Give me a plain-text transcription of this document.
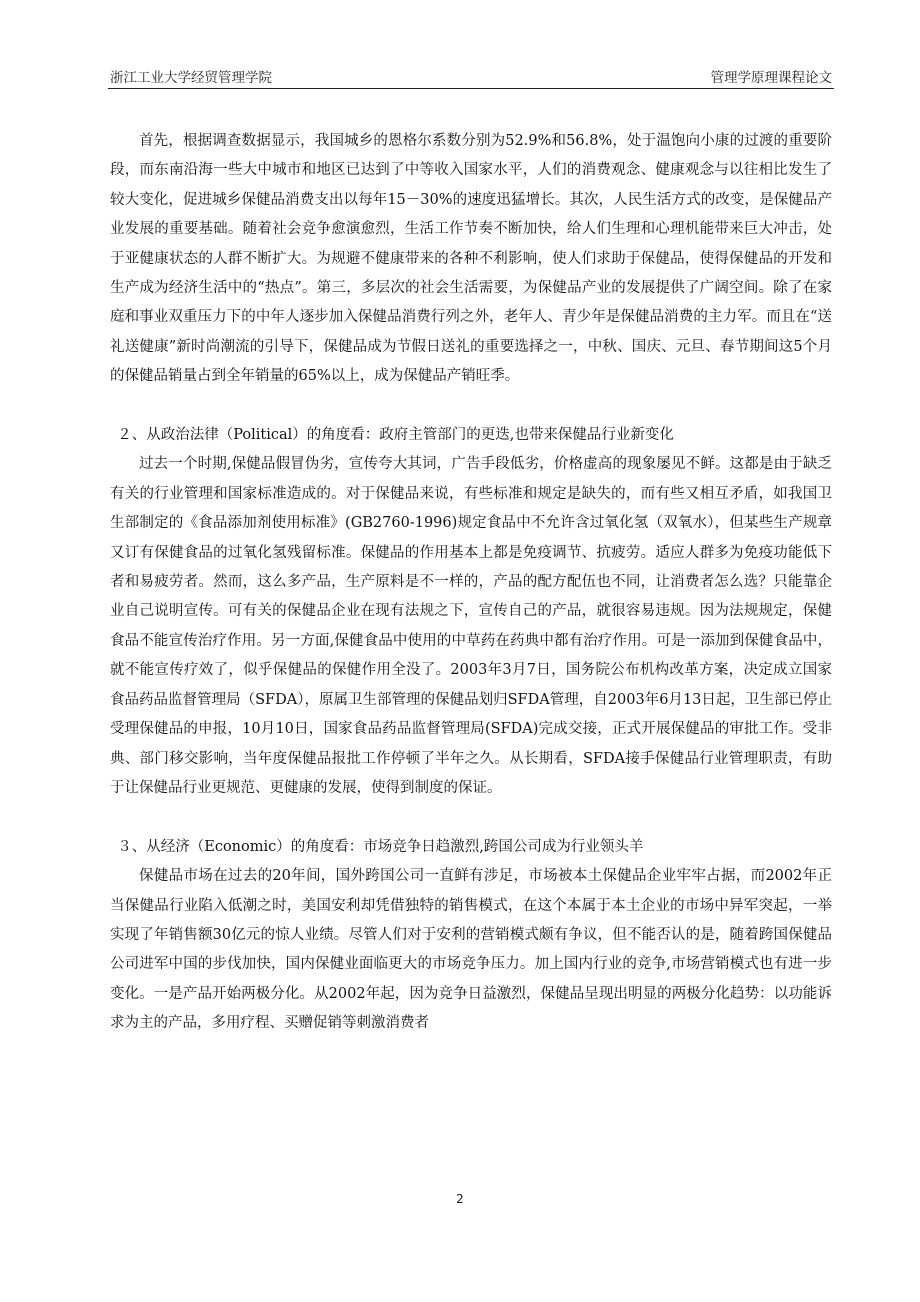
浙江工业大学经贸管理学院	管理学原理课程论文

首先，根据调查数据显示，我国城乡的恩格尔系数分别为52.9%和56.8%，处于温饱向小康的过渡的重要阶段，而东南沿海一些大中城市和地区已达到了中等收入国家水平，人们的消费观念、健康观念与以往相比发生了较大变化，促进城乡保健品消费支出以每年15－30%的速度迅猛增长。其次，人民生活方式的改变，是保健品产业发展的重要基础。随着社会竞争愈演愈烈，生活工作节奏不断加快，给人们生理和心理机能带来巨大冲击，处于亚健康状态的人群不断扩大。为规避不健康带来的各种不利影响，使人们求助于保健品，使得保健品的开发和生产成为经济生活中的“热点”。第三，多层次的社会生活需要，为保健品产业的发展提供了广阔空间。除了在家庭和事业双重压力下的中年人逐步加入保健品消费行列之外，老年人、青少年是保健品消费的主力军。而且在“送礼送健康”新时尚潮流的引导下，保健品成为节假日送礼的重要选择之一，中秋、国庆、元旦、春节期间这5个月的保健品销量占到全年销量的65%以上，成为保健品产销旺季。

２、从政治法律（Political）的角度看：政府主管部门的更迭,也带来保健品行业新变化

过去一个时期,保健品假冒伪劣，宣传夸大其词，广告手段低劣，价格虚高的现象屡见不鲜。这都是由于缺乏有关的行业管理和国家标准造成的。对于保健品来说，有些标准和规定是缺失的，而有些又相互矛盾，如我国卫生部制定的《食品添加剂使用标准》(GB2760-1996)规定食品中不允许含过氧化氢（双氧水），但某些生产规章又订有保健食品的过氧化氢残留标准。保健品的作用基本上都是免疫调节、抗疲劳。适应人群多为免疫功能低下者和易疲劳者。然而，这么多产品，生产原料是不一样的，产品的配方配伍也不同，让消费者怎么选？只能靠企业自己说明宣传。可有关的保健品企业在现有法规之下，宣传自己的产品，就很容易违规。因为法规规定，保健食品不能宣传治疗作用。另一方面,保健食品中使用的中草药在药典中都有治疗作用。可是一添加到保健食品中，就不能宣传疗效了，似乎保健品的保健作用全没了。2003年3月7日，国务院公布机构改革方案，决定成立国家食品药品监督管理局（SFDA），原属卫生部管理的保健品划归SFDA管理，自2003年6月13日起，卫生部已停止受理保健品的申报，10月10日，国家食品药品监督管理局(SFDA)完成交接，正式开展保健品的审批工作。受非典、部门移交影响，当年度保健品报批工作停顿了半年之久。从长期看，SFDA接手保健品行业管理职责，有助于让保健品行业更规范、更健康的发展，使得到制度的保证。

３、从经济（Economic）的角度看：市场竞争日趋激烈,跨国公司成为行业领头羊

保健品市场在过去的20年间，国外跨国公司一直鲜有涉足，市场被本土保健品企业牢牢占据，而2002年正当保健品行业陷入低潮之时，美国安利却凭借独特的销售模式，在这个本属于本土企业的市场中异军突起，一举实现了年销售额30亿元的惊人业绩。尽管人们对于安利的营销模式颇有争议，但不能否认的是，随着跨国保健品公司进军中国的步伐加快，国内保健业面临更大的市场竞争压力。加上国内行业的竞争,市场营销模式也有进一步变化。一是产品开始两极分化。从2002年起，因为竞争日益激烈，保健品呈现出明显的两极分化趋势：以功能诉求为主的产品，多用疗程、买赠促销等刺激消费者

2
